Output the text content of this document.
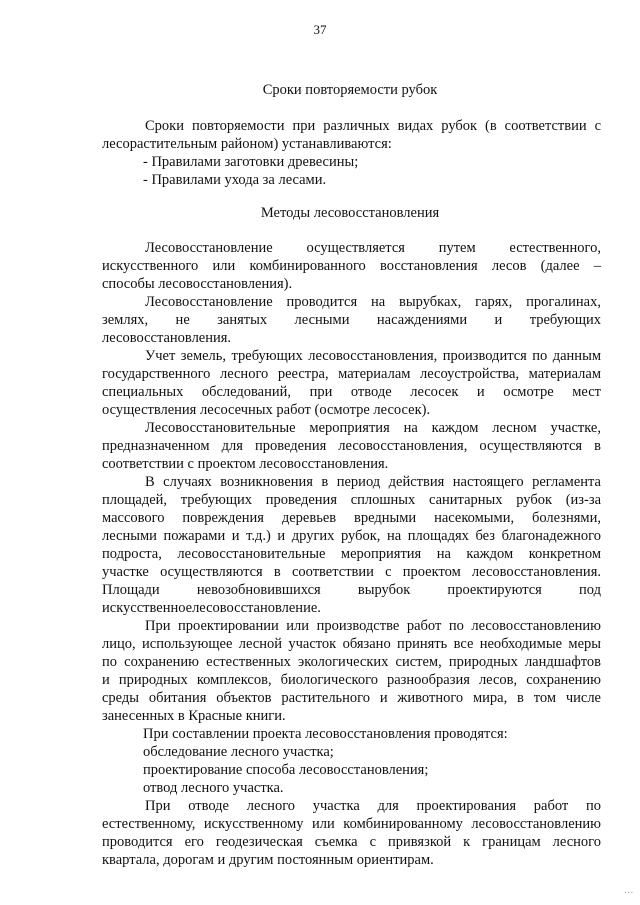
37
Сроки повторяемости рубок
Сроки повторяемости при различных видах рубок (в соответствии с
лесорастительным районом) устанавливаются:
- Правилами заготовки древесины;
- Правилами ухода за лесами.
Методы лесовосстановления
Лесовосстановление осуществляется путем естественного,
искусственного или комбинированного восстановления лесов (далее –
способы лесовосстановления).
Лесовосстановление проводится на вырубках, гарях, прогалинах,
землях, не занятых лесными насаждениями и требующих
лесовосстановления.
Учет земель, требующих лесовосстановления, производится по данным
государственного лесного реестра, материалам лесоустройства, материалам
специальных обследований, при отводе лесосек и осмотре мест
осуществления лесосечных работ (осмотре лесосек).
Лесовосстановительные мероприятия на каждом лесном участке,
предназначенном для проведения лесовосстановления, осуществляются в
соответствии с проектом лесовосстановления.
В случаях возникновения в период действия настоящего регламента
площадей, требующих проведения сплошных санитарных рубок (из-за
массового повреждения деревьев вредными насекомыми, болезнями,
лесными пожарами и т.д.) и других рубок, на площадях без благонадежного
подроста, лесовосстановительные мероприятия на каждом конкретном
участке осуществляются в соответствии с проектом лесовосстановления.
Площади невозобновившихся вырубок проектируются под
искусственноелесовосстановление.
При проектировании или производстве работ по лесовосстановлению
лицо, использующее лесной участок обязано принять все необходимые меры
по сохранению естественных экологических систем, природных ландшафтов
и природных комплексов, биологического разнообразия лесов, сохранению
среды обитания объектов растительного и животного мира, в том числе
занесенных в Красные книги.
При составлении проекта лесовосстановления проводятся:
обследование лесного участка;
проектирование способа лесовосстановления;
отвод лесного участка.
При отводе лесного участка для проектирования работ по
естественному, искусственному или комбинированному лесовосстановлению
проводится его геодезическая съемка с привязкой к границам лесного
квартала, дорогам и другим постоянным ориентирам.
...
